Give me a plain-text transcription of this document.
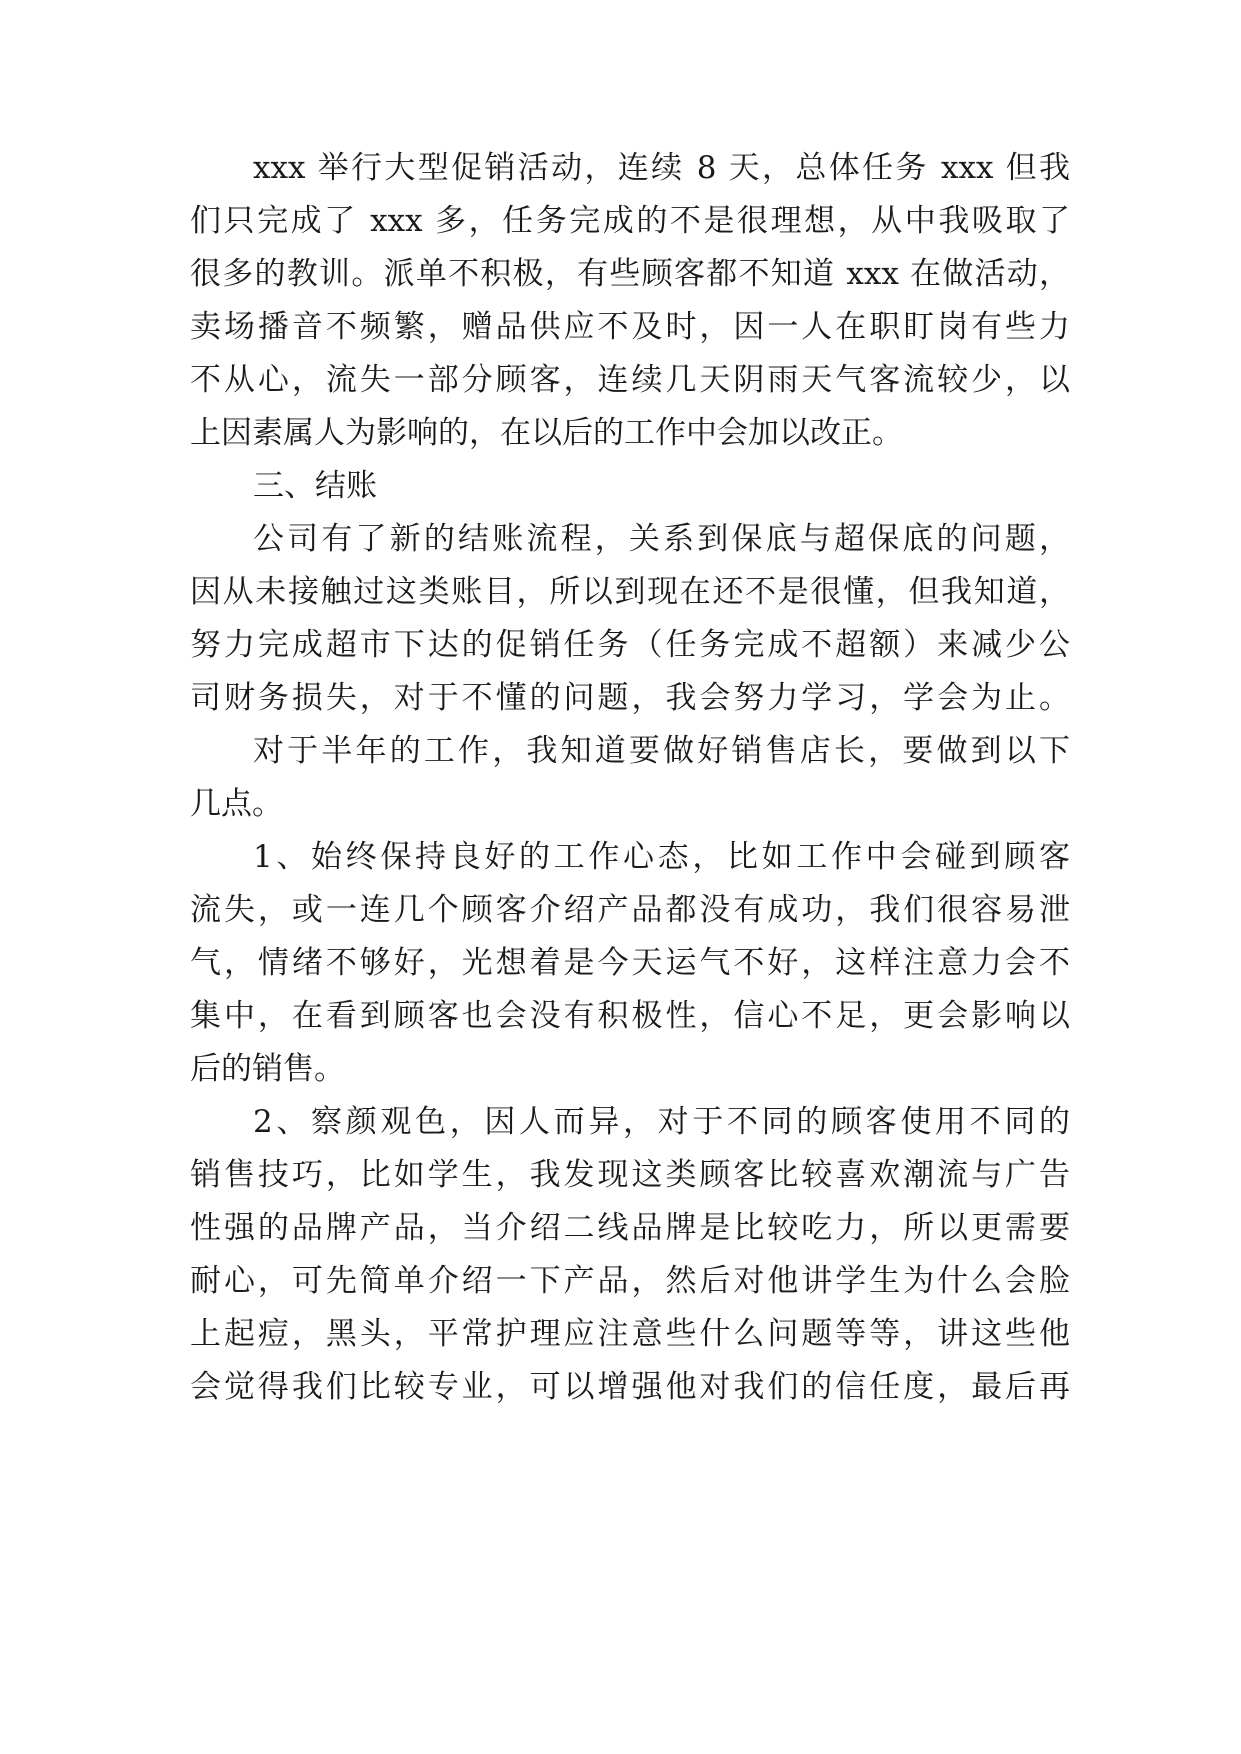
xxx 举行大型促销活动，连续 8 天，总体任务 xxx 但我
们只完成了 xxx 多，任务完成的不是很理想，从中我吸取了
很多的教训。派单不积极，有些顾客都不知道 xxx 在做活动，
卖场播音不频繁，赠品供应不及时，因一人在职盯岗有些力
不从心，流失一部分顾客，连续几天阴雨天气客流较少，以
上因素属人为影响的，在以后的工作中会加以改正。
三、结账
公司有了新的结账流程，关系到保底与超保底的问题，
因从未接触过这类账目，所以到现在还不是很懂，但我知道，
努力完成超市下达的促销任务（任务完成不超额）来减少公
司财务损失，对于不懂的问题，我会努力学习，学会为止。
对于半年的工作，我知道要做好销售店长，要做到以下
几点。
1、始终保持良好的工作心态，比如工作中会碰到顾客
流失，或一连几个顾客介绍产品都没有成功，我们很容易泄
气，情绪不够好，光想着是今天运气不好，这样注意力会不
集中，在看到顾客也会没有积极性，信心不足，更会影响以
后的销售。
2、察颜观色，因人而异，对于不同的顾客使用不同的
销售技巧，比如学生，我发现这类顾客比较喜欢潮流与广告
性强的品牌产品，当介绍二线品牌是比较吃力，所以更需要
耐心，可先简单介绍一下产品，然后对他讲学生为什么会脸
上起痘，黑头，平常护理应注意些什么问题等等，讲这些他
会觉得我们比较专业，可以增强他对我们的信任度，最后再
